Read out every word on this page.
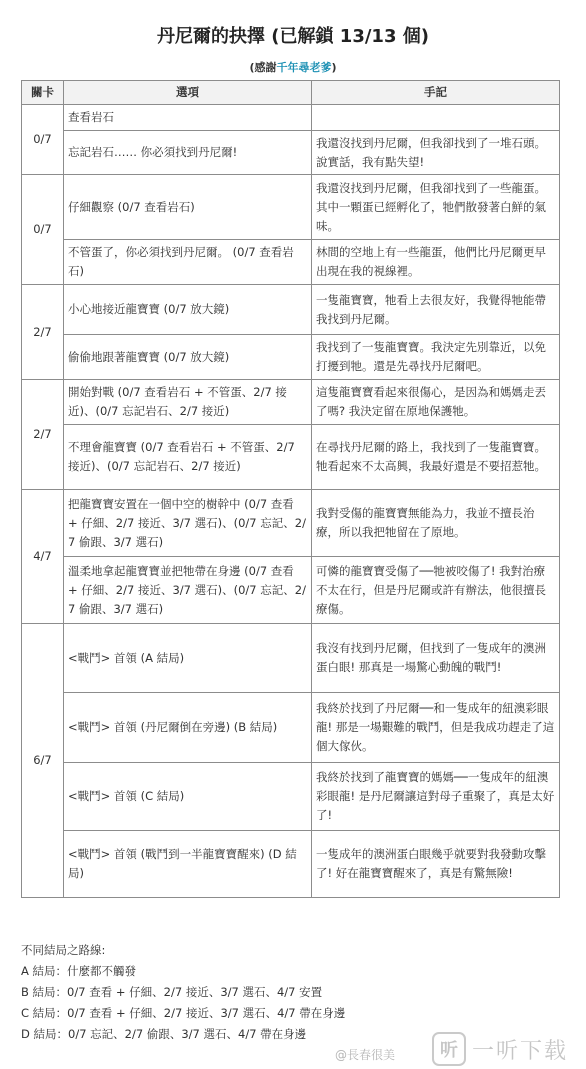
丹尼爾的抉擇 (已解鎖 13/13 個)
(感謝千年尋老爹)
關卡	選項	手記
0/7	查看岩石	
	忘記岩石…… 你必須找到丹尼爾!	我還沒找到丹尼爾，但我卻找到了一堆石頭。說實話，我有點失望!
0/7	仔細觀察 (0/7 查看岩石)	我還沒找到丹尼爾，但我卻找到了一些龍蛋。其中一顆蛋已經孵化了，牠們散發著白鮮的氣味。
	不管蛋了，你必須找到丹尼爾。 (0/7 查看岩石)	林間的空地上有一些龍蛋，他們比丹尼爾更早出現在我的視線裡。
2/7	小心地接近龍寶寶 (0/7 放大鏡)	一隻龍寶寶，牠看上去很友好，我覺得牠能帶我找到丹尼爾。
	偷偷地跟著龍寶寶 (0/7 放大鏡)	我找到了一隻龍寶寶。我決定先別靠近，以免打擾到牠。還是先尋找丹尼爾吧。
2/7	開始對戰 (0/7 查看岩石 + 不管蛋、2/7 接近)、(0/7 忘記岩石、2/7 接近)	這隻龍寶寶看起來很傷心，是因為和媽媽走丟了嗎? 我決定留在原地保護牠。
	不理會龍寶寶 (0/7 查看岩石 + 不管蛋、2/7 接近)、(0/7 忘記岩石、2/7 接近)	在尋找丹尼爾的路上，我找到了一隻龍寶寶。牠看起來不太高興，我最好還是不要招惹牠。
4/7	把龍寶寶安置在一個中空的樹幹中 (0/7 查看 + 仔細、2/7 接近、3/7 選石)、(0/7 忘記、2/7 偷跟、3/7 選石)	我對受傷的龍寶寶無能為力，我並不擅長治療，所以我把牠留在了原地。
	溫柔地拿起龍寶寶並把牠帶在身邊 (0/7 查看 + 仔細、2/7 接近、3/7 選石)、(0/7 忘記、2/7 偷跟、3/7 選石)	可憐的龍寶寶受傷了──牠被咬傷了! 我對治療不太在行，但是丹尼爾或許有辦法，他很擅長療傷。
6/7	<戰鬥> 首領 (A 結局)	我沒有找到丹尼爾，但找到了一隻成年的澳洲蛋白眼! 那真是一場驚心動魄的戰鬥!
	<戰鬥> 首領 (丹尼爾倒在旁邊) (B 結局)	我終於找到了丹尼爾──和一隻成年的紐澳彩眼龍! 那是一場艱難的戰鬥，但是我成功趕走了這個大傢伙。
	<戰鬥> 首領 (C 結局)	我終於找到了龍寶寶的媽媽──一隻成年的紐澳彩眼龍! 是丹尼爾讓這對母子重聚了，真是太好了!
	<戰鬥> 首領 (戰鬥到一半龍寶寶醒來) (D 結局)	一隻成年的澳洲蛋白眼幾乎就要對我發動攻擊了! 好在龍寶寶醒來了，真是有驚無險!
不同結局之路線:
A 結局：什麼都不觸發
B 結局：0/7 查看 + 仔細、2/7 接近、3/7 選石、4/7 安置
C 結局：0/7 查看 + 仔細、2/7 接近、3/7 選石、4/7 帶在身邊
D 結局：0/7 忘記、2/7 偷跟、3/7 選石、4/7 帶在身邊
@長春很美	听 一听下载
